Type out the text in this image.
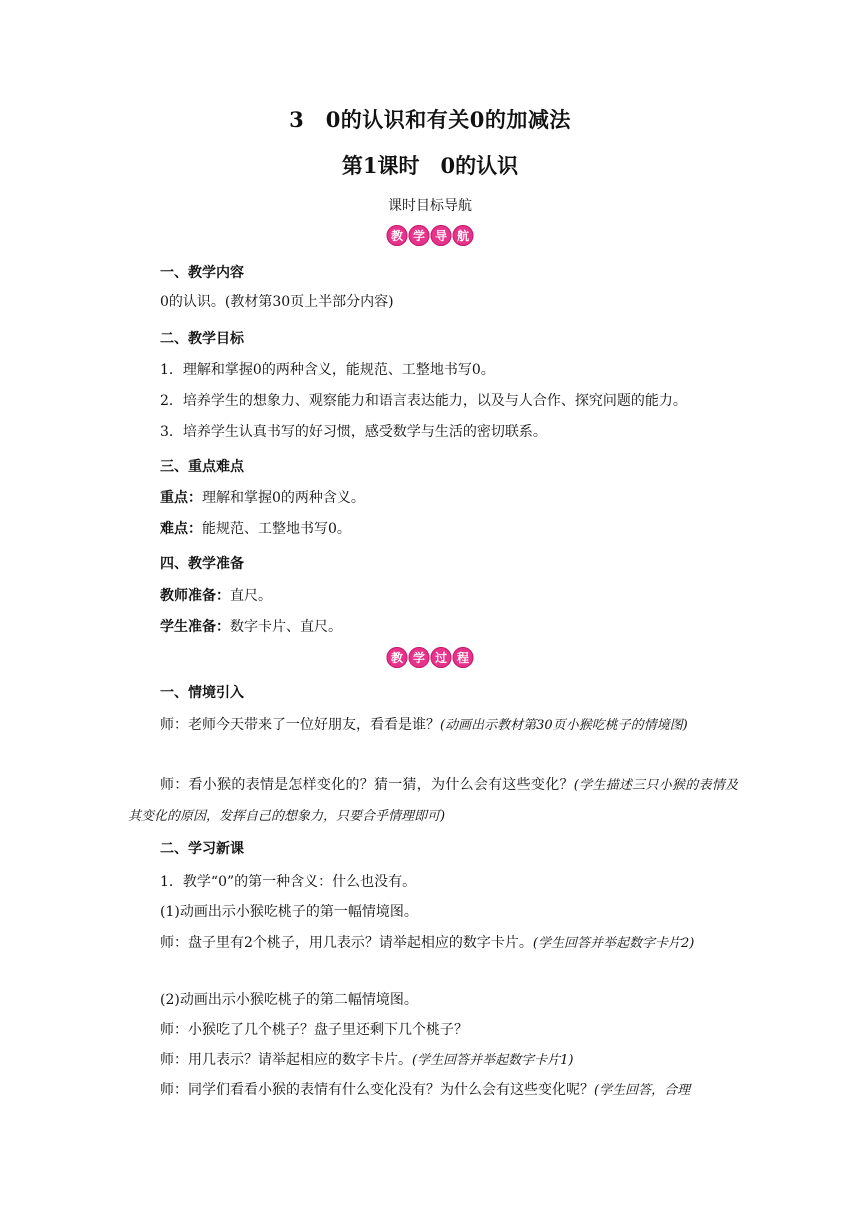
3　0的认识和有关0的加减法
第1课时　0的认识
课时目标导航
教 学 导 航
一、教学内容
0的认识。(教材第30页上半部分内容)
二、教学目标
1．理解和掌握0的两种含义，能规范、工整地书写0。
2．培养学生的想象力、观察能力和语言表达能力，以及与人合作、探究问题的能力。
3．培养学生认真书写的好习惯，感受数学与生活的密切联系。
三、重点难点
重点：理解和掌握0的两种含义。
难点：能规范、工整地书写0。
四、教学准备
教师准备：直尺。
学生准备：数字卡片、直尺。
教 学 过 程
一、情境引入
师：老师今天带来了一位好朋友，看看是谁？(动画出示教材第30页小猴吃桃子的情境图)
师：看小猴的表情是怎样变化的？猜一猜，为什么会有这些变化？(学生描述三只小猴的表情及其变化的原因，发挥自己的想象力，只要合乎情理即可)
二、学习新课
1．教学“0”的第一种含义：什么也没有。
(1)动画出示小猴吃桃子的第一幅情境图。
师：盘子里有2个桃子，用几表示？请举起相应的数字卡片。(学生回答并举起数字卡片2)
(2)动画出示小猴吃桃子的第二幅情境图。
师：小猴吃了几个桃子？盘子里还剩下几个桃子？
师：用几表示？请举起相应的数字卡片。(学生回答并举起数字卡片1)
师：同学们看看小猴的表情有什么变化没有？为什么会有这些变化呢？(学生回答，合理
